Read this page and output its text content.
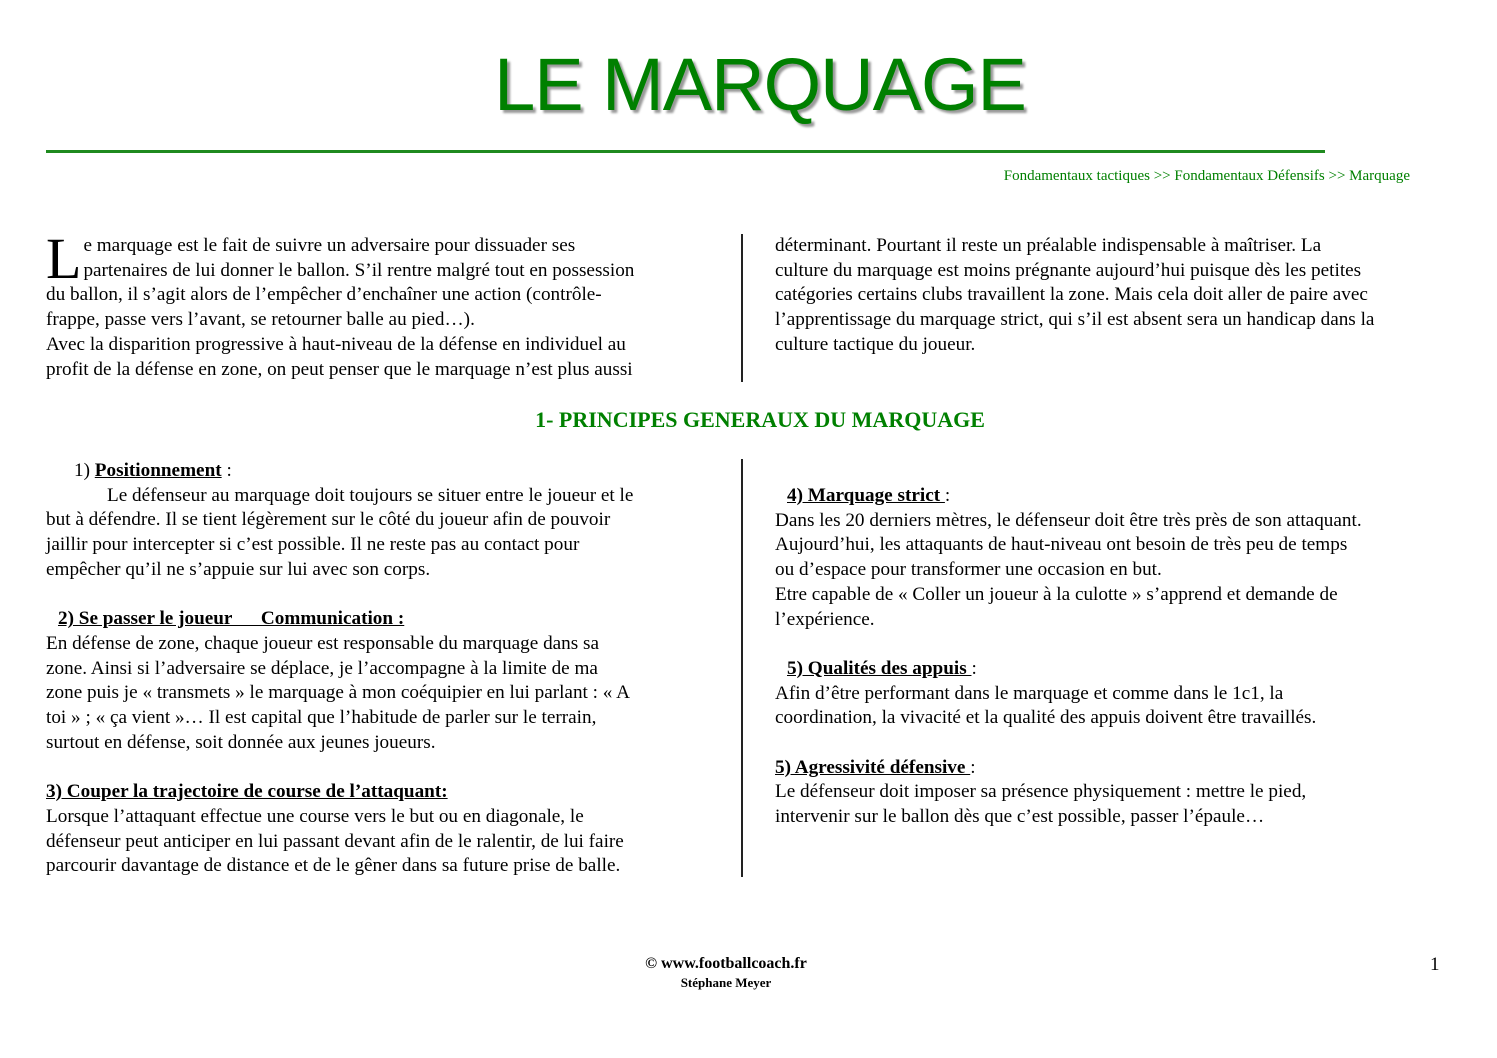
LE MARQUAGE
Fondamentaux tactiques >> Fondamentaux Défensifs >> Marquage
L e marquage est le fait de suivre un adversaire pour dissuader ses

partenaires de lui donner le ballon. S’il rentre malgré tout en possession

du ballon, il s’agit alors de l’empêcher d’enchaîner une action (contrôle-

frappe, passe vers l’avant, se retourner balle au pied…).

Avec la disparition progressive à haut-niveau de la défense en individuel au

profit de la défense en zone, on peut penser que le marquage n’est plus aussi

déterminant. Pourtant il reste un préalable indispensable à maîtriser. La

culture du marquage est moins prégnante aujourd’hui puisque dès les petites

catégories certains clubs travaillent la zone. Mais cela doit aller de paire avec

l’apprentissage du marquage strict, qui s’il est absent sera un handicap dans la

culture tactique du joueur.

1- PRINCIPES GENERAUX DU MARQUAGE

1) Positionnement :

Le défenseur au marquage doit toujours se situer entre le joueur et le

but à défendre. Il se tient légèrement sur le côté du joueur afin de pouvoir

jaillir pour intercepter si c’est possible. Il ne reste pas au contact pour

empêcher qu’il ne s’appuie sur lui avec son corps.

2) Se passer le joueur      Communication :

En défense de zone, chaque joueur est responsable du marquage dans sa

zone. Ainsi si l’adversaire se déplace, je l’accompagne à la limite de ma

zone puis je « transmets » le marquage à mon coéquipier en lui parlant : « A

toi » ; « ça vient »… Il est capital que l’habitude de parler sur le terrain,

surtout en défense, soit donnée aux jeunes joueurs.

3) Couper la trajectoire de course de l’attaquant:

Lorsque l’attaquant effectue une course vers le but ou en diagonale, le

défenseur peut anticiper en lui passant devant afin de le ralentir, de lui faire

parcourir davantage de distance et de le gêner dans sa future prise de balle.

4) Marquage strict :

Dans les 20 derniers mètres, le défenseur doit être très près de son attaquant.

Aujourd’hui, les attaquants de haut-niveau ont besoin de très peu de temps

ou d’espace pour transformer une occasion en but.

Etre capable de « Coller un joueur à la culotte » s’apprend et demande de

l’expérience.

5) Qualités des appuis :

Afin d’être performant dans le marquage et comme dans le 1c1, la

coordination, la vivacité et la qualité des appuis doivent être travaillés.

5) Agressivité défensive :

Le défenseur doit imposer sa présence physiquement : mettre le pied,

intervenir sur le ballon dès que c’est possible, passer l’épaule…

© www.footballcoach.fr
Stéphane Meyer
1
